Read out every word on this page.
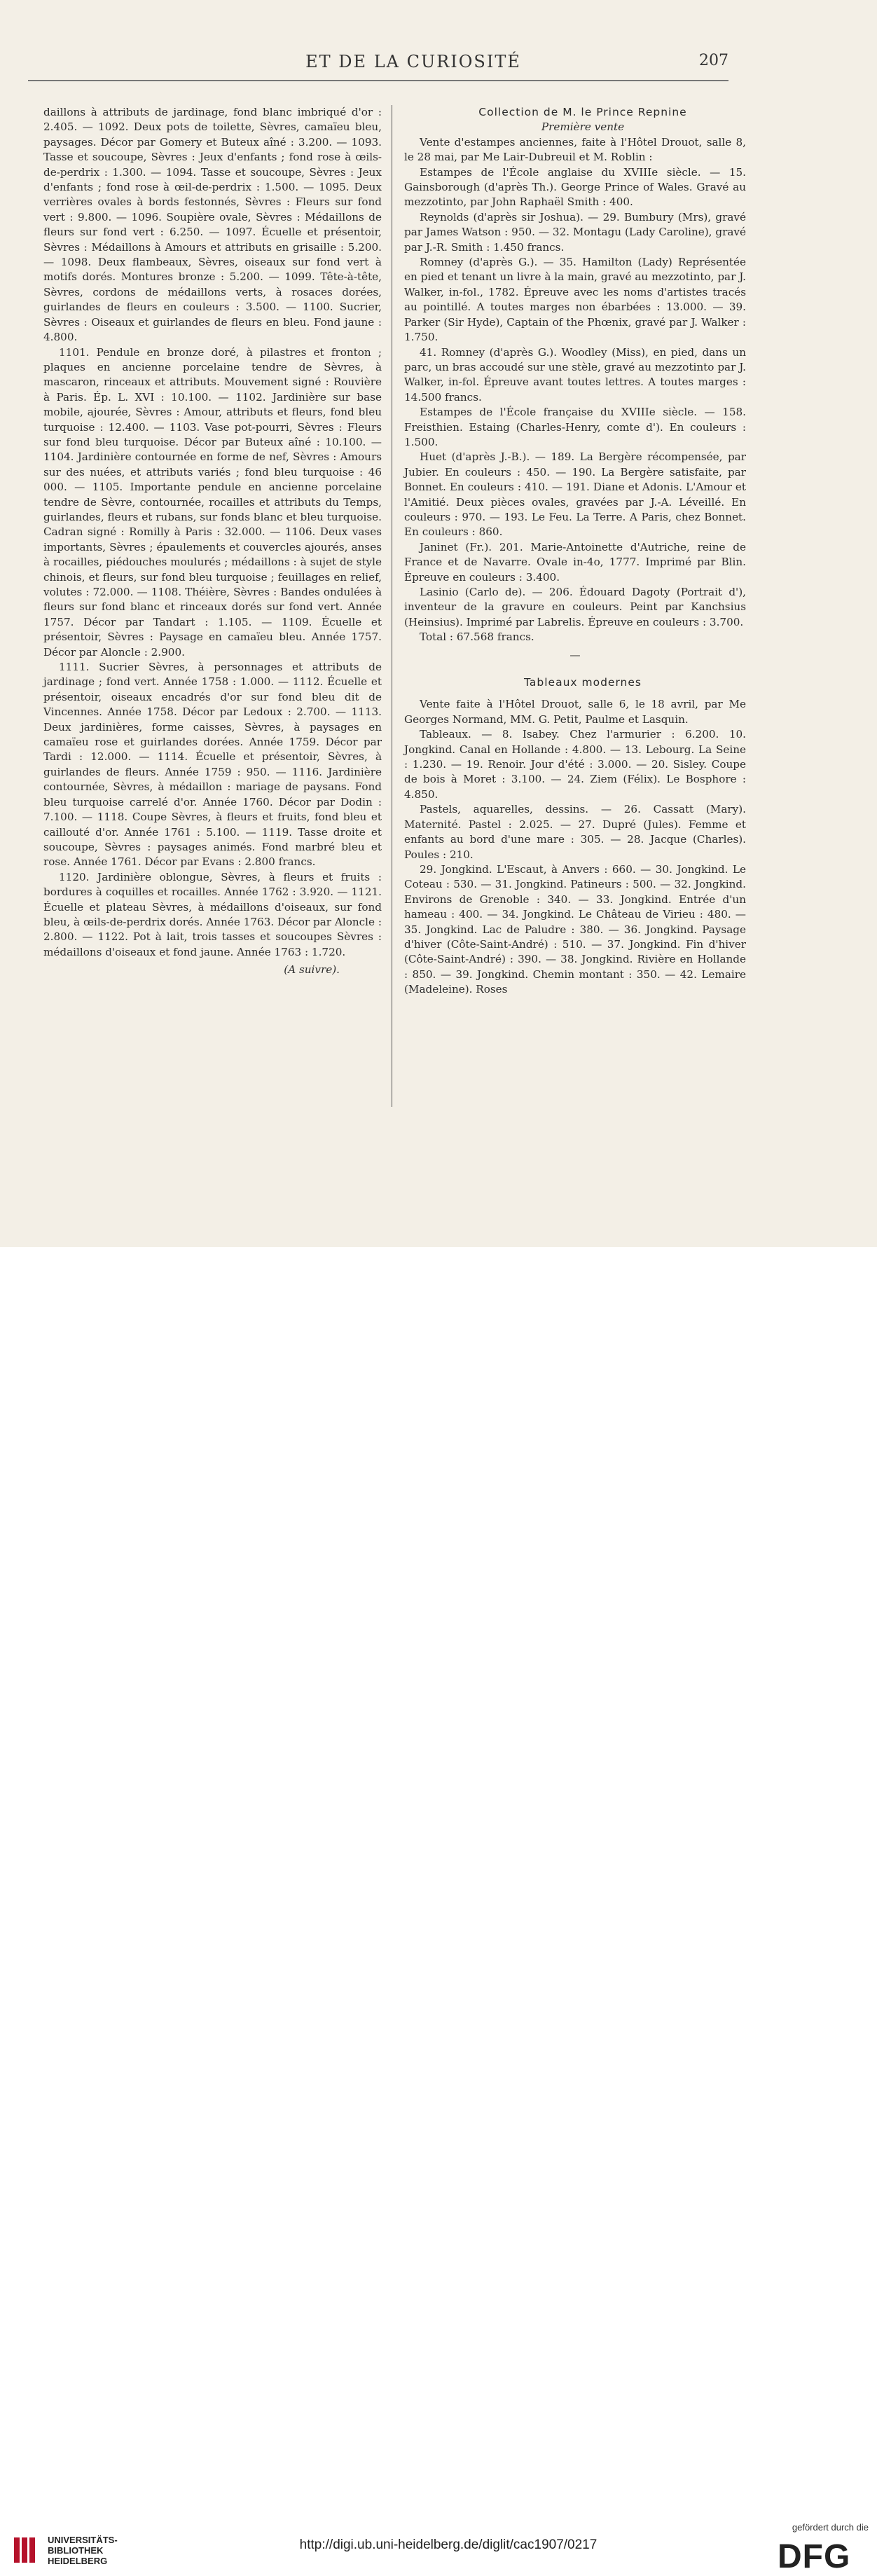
ET DE LA CURIOSITÉ	207

daillons à attributs de jardinage, fond blanc imbriqué d'or : 2.405. — 1092. Deux pots de toilette, Sèvres, camaïeu bleu, paysages. Décor par Gomery et Buteux aîné : 3.200. — 1093. Tasse et soucoupe, Sèvres : Jeux d'enfants ; fond rose à œils-de-perdrix : 1.300. — 1094. Tasse et soucoupe, Sèvres : Jeux d'enfants ; fond rose à œil-de-perdrix : 1.500. — 1095. Deux verrières ovales à bords festonnés, Sèvres : Fleurs sur fond vert : 9.800. — 1096. Soupière ovale, Sèvres : Médaillons de fleurs sur fond vert : 6.250. — 1097. Écuelle et présentoir, Sèvres : Médaillons à Amours et attributs en grisaille : 5.200. — 1098. Deux flambeaux, Sèvres, oiseaux sur fond vert à motifs dorés. Montures bronze : 5.200. — 1099. Tête-à-tête, Sèvres, cordons de médaillons verts, à rosaces dorées, guirlandes de fleurs en couleurs : 3.500. — 1100. Sucrier, Sèvres : Oiseaux et guirlandes de fleurs en bleu. Fond jaune : 4.800.

1101. Pendule en bronze doré, à pilastres et fronton ; plaques en ancienne porcelaine tendre de Sèvres, à mascaron, rinceaux et attributs. Mouvement signé : Rouvière à Paris. Ép. L. XVI : 10.100. — 1102. Jardinière sur base mobile, ajourée, Sèvres : Amour, attributs et fleurs, fond bleu turquoise : 12.400. — 1103. Vase pot-pourri, Sèvres : Fleurs sur fond bleu turquoise. Décor par Buteux aîné : 10.100. — 1104. Jardinière contournée en forme de nef, Sèvres : Amours sur des nuées, et attributs variés ; fond bleu turquoise : 46 000. — 1105. Importante pendule en ancienne porcelaine tendre de Sèvre, contournée, rocailles et attributs du Temps, guirlandes, fleurs et rubans, sur fonds blanc et bleu turquoise. Cadran signé : Romilly à Paris : 32.000. — 1106. Deux vases importants, Sèvres ; épaulements et couvercles ajourés, anses à rocailles, piédouches moulurés ; médaillons : à sujet de style chinois, et fleurs, sur fond bleu turquoise ; feuillages en relief, volutes : 72.000. — 1108. Théière, Sèvres : Bandes ondulées à fleurs sur fond blanc et rinceaux dorés sur fond vert. Année 1757. Décor par Tandart : 1.105. — 1109. Écuelle et présentoir, Sèvres : Paysage en camaïeu bleu. Année 1757. Décor par Aloncle : 2.900.

1111. Sucrier Sèvres, à personnages et attributs de jardinage ; fond vert. Année 1758 : 1.000. — 1112. Écuelle et présentoir, oiseaux encadrés d'or sur fond bleu dit de Vincennes. Année 1758. Décor par Ledoux : 2.700. — 1113. Deux jardinières, forme caisses, Sèvres, à paysages en camaïeu rose et guirlandes dorées. Année 1759. Décor par Tardi : 12.000. — 1114. Écuelle et présentoir, Sèvres, à guirlandes de fleurs. Année 1759 : 950. — 1116. Jardinière contournée, Sèvres, à médaillon : mariage de paysans. Fond bleu turquoise carrelé d'or. Année 1760. Décor par Dodin : 7.100. — 1118. Coupe Sèvres, à fleurs et fruits, fond bleu et caillouté d'or. Année 1761 : 5.100. — 1119. Tasse droite et soucoupe, Sèvres : paysages animés. Fond marbré bleu et rose. Année 1761. Décor par Evans : 2.800 francs.

1120. Jardinière oblongue, Sèvres, à fleurs et fruits : bordures à coquilles et rocailles. Année 1762 : 3.920. — 1121. Écuelle et plateau Sèvres, à médaillons d'oiseaux, sur fond bleu, à œils-de-perdrix dorés. Année 1763. Décor par Aloncle : 2.800. — 1122. Pot à lait, trois tasses et soucoupes Sèvres : médaillons d'oiseaux et fond jaune. Année 1763 : 1.720.

(A suivre).

Collection de M. le Prince Repnine

Première vente

Vente d'estampes anciennes, faite à l'Hôtel Drouot, salle 8, le 28 mai, par Me Lair-Dubreuil et M. Roblin :

Estampes de l'École anglaise du XVIIIe siècle. — 15. Gainsborough (d'après Th.). George Prince of Wales. Gravé au mezzotinto, par John Raphaël Smith : 400.

Reynolds (d'après sir Joshua). — 29. Bumbury (Mrs), gravé par James Watson : 950. — 32. Montagu (Lady Caroline), gravé par J.-R. Smith : 1.450 francs.

Romney (d'après G.). — 35. Hamilton (Lady) Représentée en pied et tenant un livre à la main, gravé au mezzotinto, par J. Walker, in-fol., 1782. Épreuve avec les noms d'artistes tracés au pointillé. A toutes marges non ébarbées : 13.000. — 39. Parker (Sir Hyde), Captain of the Phœnix, gravé par J. Walker : 1.750.

41. Romney (d'après G.). Woodley (Miss), en pied, dans un parc, un bras accoudé sur une stèle, gravé au mezzotinto par J. Walker, in-fol. Épreuve avant toutes lettres. A toutes marges : 14.500 francs.

Estampes de l'École française du XVIIIe siècle. — 158. Freisthien. Estaing (Charles-Henry, comte d'). En couleurs : 1.500.

Huet (d'après J.-B.). — 189. La Bergère récompensée, par Jubier. En couleurs : 450. — 190. La Bergère satisfaite, par Bonnet. En couleurs : 410. — 191. Diane et Adonis. L'Amour et l'Amitié. Deux pièces ovales, gravées par J.-A. Léveillé. En couleurs : 970. — 193. Le Feu. La Terre. A Paris, chez Bonnet. En couleurs : 860.

Janinet (Fr.). 201. Marie-Antoinette d'Autriche, reine de France et de Navarre. Ovale in-4o, 1777. Imprimé par Blin. Épreuve en couleurs : 3.400.

Lasinio (Carlo de). — 206. Édouard Dagoty (Portrait d'), inventeur de la gravure en couleurs. Peint par Kanchsius (Heinsius). Imprimé par Labrelis. Épreuve en couleurs : 3.700.

Total : 67.568 francs.

—

Tableaux modernes

Vente faite à l'Hôtel Drouot, salle 6, le 18 avril, par Me Georges Normand, MM. G. Petit, Paulme et Lasquin.

Tableaux. — 8. Isabey. Chez l'armurier : 6.200. 10. Jongkind. Canal en Hollande : 4.800. — 13. Lebourg. La Seine : 1.230. — 19. Renoir. Jour d'été : 3.000. — 20. Sisley. Coupe de bois à Moret : 3.100. — 24. Ziem (Félix). Le Bosphore : 4.850.

Pastels, aquarelles, dessins. — 26. Cassatt (Mary). Maternité. Pastel : 2.025. — 27. Dupré (Jules). Femme et enfants au bord d'une mare : 305. — 28. Jacque (Charles). Poules : 210.

29. Jongkind. L'Escaut, à Anvers : 660. — 30. Jongkind. Le Coteau : 530. — 31. Jongkind. Patineurs : 500. — 32. Jongkind. Environs de Grenoble : 340. — 33. Jongkind. Entrée d'un hameau : 400. — 34. Jongkind. Le Château de Virieu : 480. — 35. Jongkind. Lac de Paludre : 380. — 36. Jongkind. Paysage d'hiver (Côte-Saint-André) : 510. — 37. Jongkind. Fin d'hiver (Côte-Saint-André) : 390. — 38. Jongkind. Rivière en Hollande : 850. — 39. Jongkind. Chemin montant : 350. — 42. Lemaire (Madeleine). Roses

UNIVERSITÄTS-
BIBLIOTHEK
HEIDELBERG
http://digi.ub.uni-heidelberg.de/diglit/cac1907/0217
gefördert durch die
DFG
